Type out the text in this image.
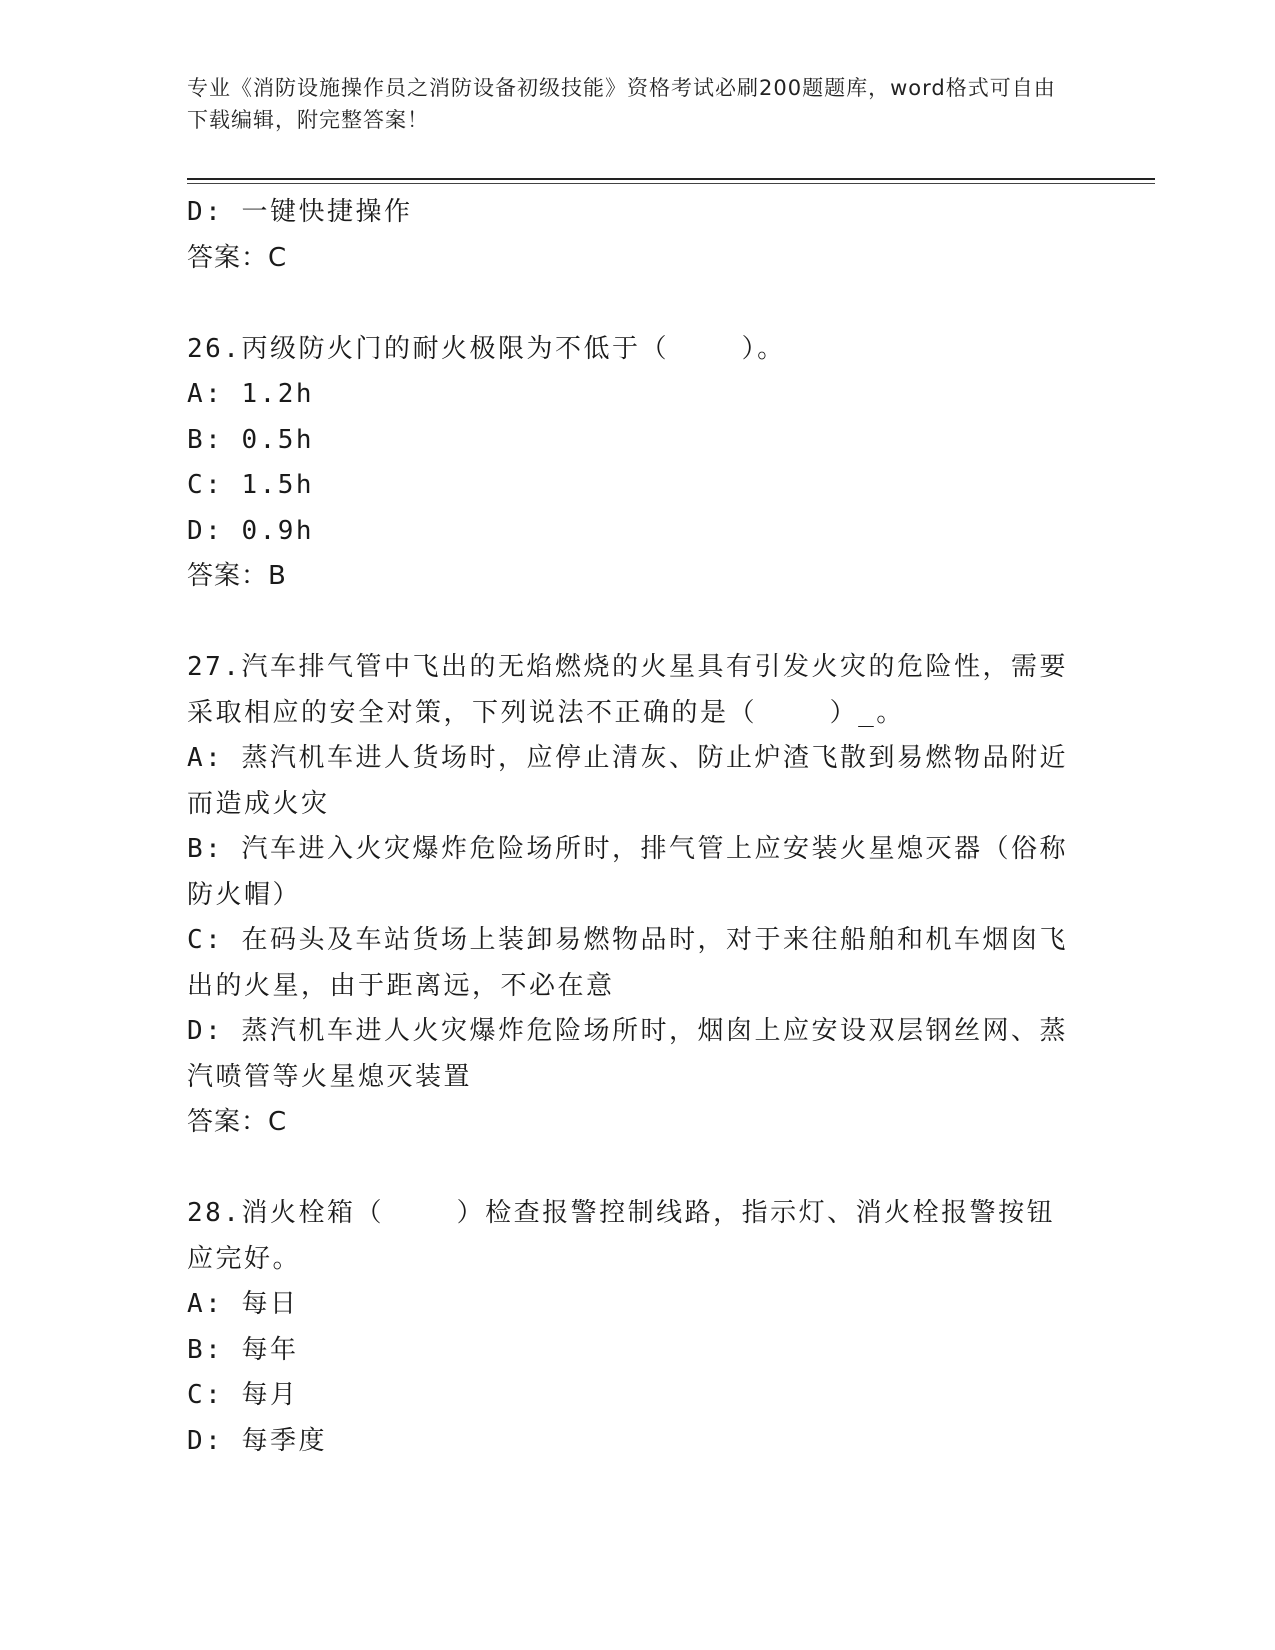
专业《消防设施操作员之消防设备初级技能》资格考试必刷200题题库，word格式可自由下载编辑，附完整答案！
D: 一键快捷操作
答案：C
26.丙级防火门的耐火极限为不低于（    ）。
A: 1.2h
B: 0.5h
C: 1.5h
D: 0.9h
答案：B
27.汽车排气管中飞出的无焰燃烧的火星具有引发火灾的危险性，需要采取相应的安全对策，下列说法不正确的是（    ）_。
A: 蒸汽机车进人货场时，应停止清灰、防止炉渣飞散到易燃物品附近而造成火灾
B: 汽车进入火灾爆炸危险场所时，排气管上应安装火星熄灭器（俗称防火帽）
C: 在码头及车站货场上装卸易燃物品时，对于来往船舶和机车烟囱飞出的火星，由于距离远，不必在意
D: 蒸汽机车进人火灾爆炸危险场所时，烟囱上应安设双层钢丝网、蒸汽喷管等火星熄灭装置
答案：C
28.消火栓箱（    ）检查报警控制线路，指示灯、消火栓报警按钮应完好。
A: 每日
B: 每年
C: 每月
D: 每季度
